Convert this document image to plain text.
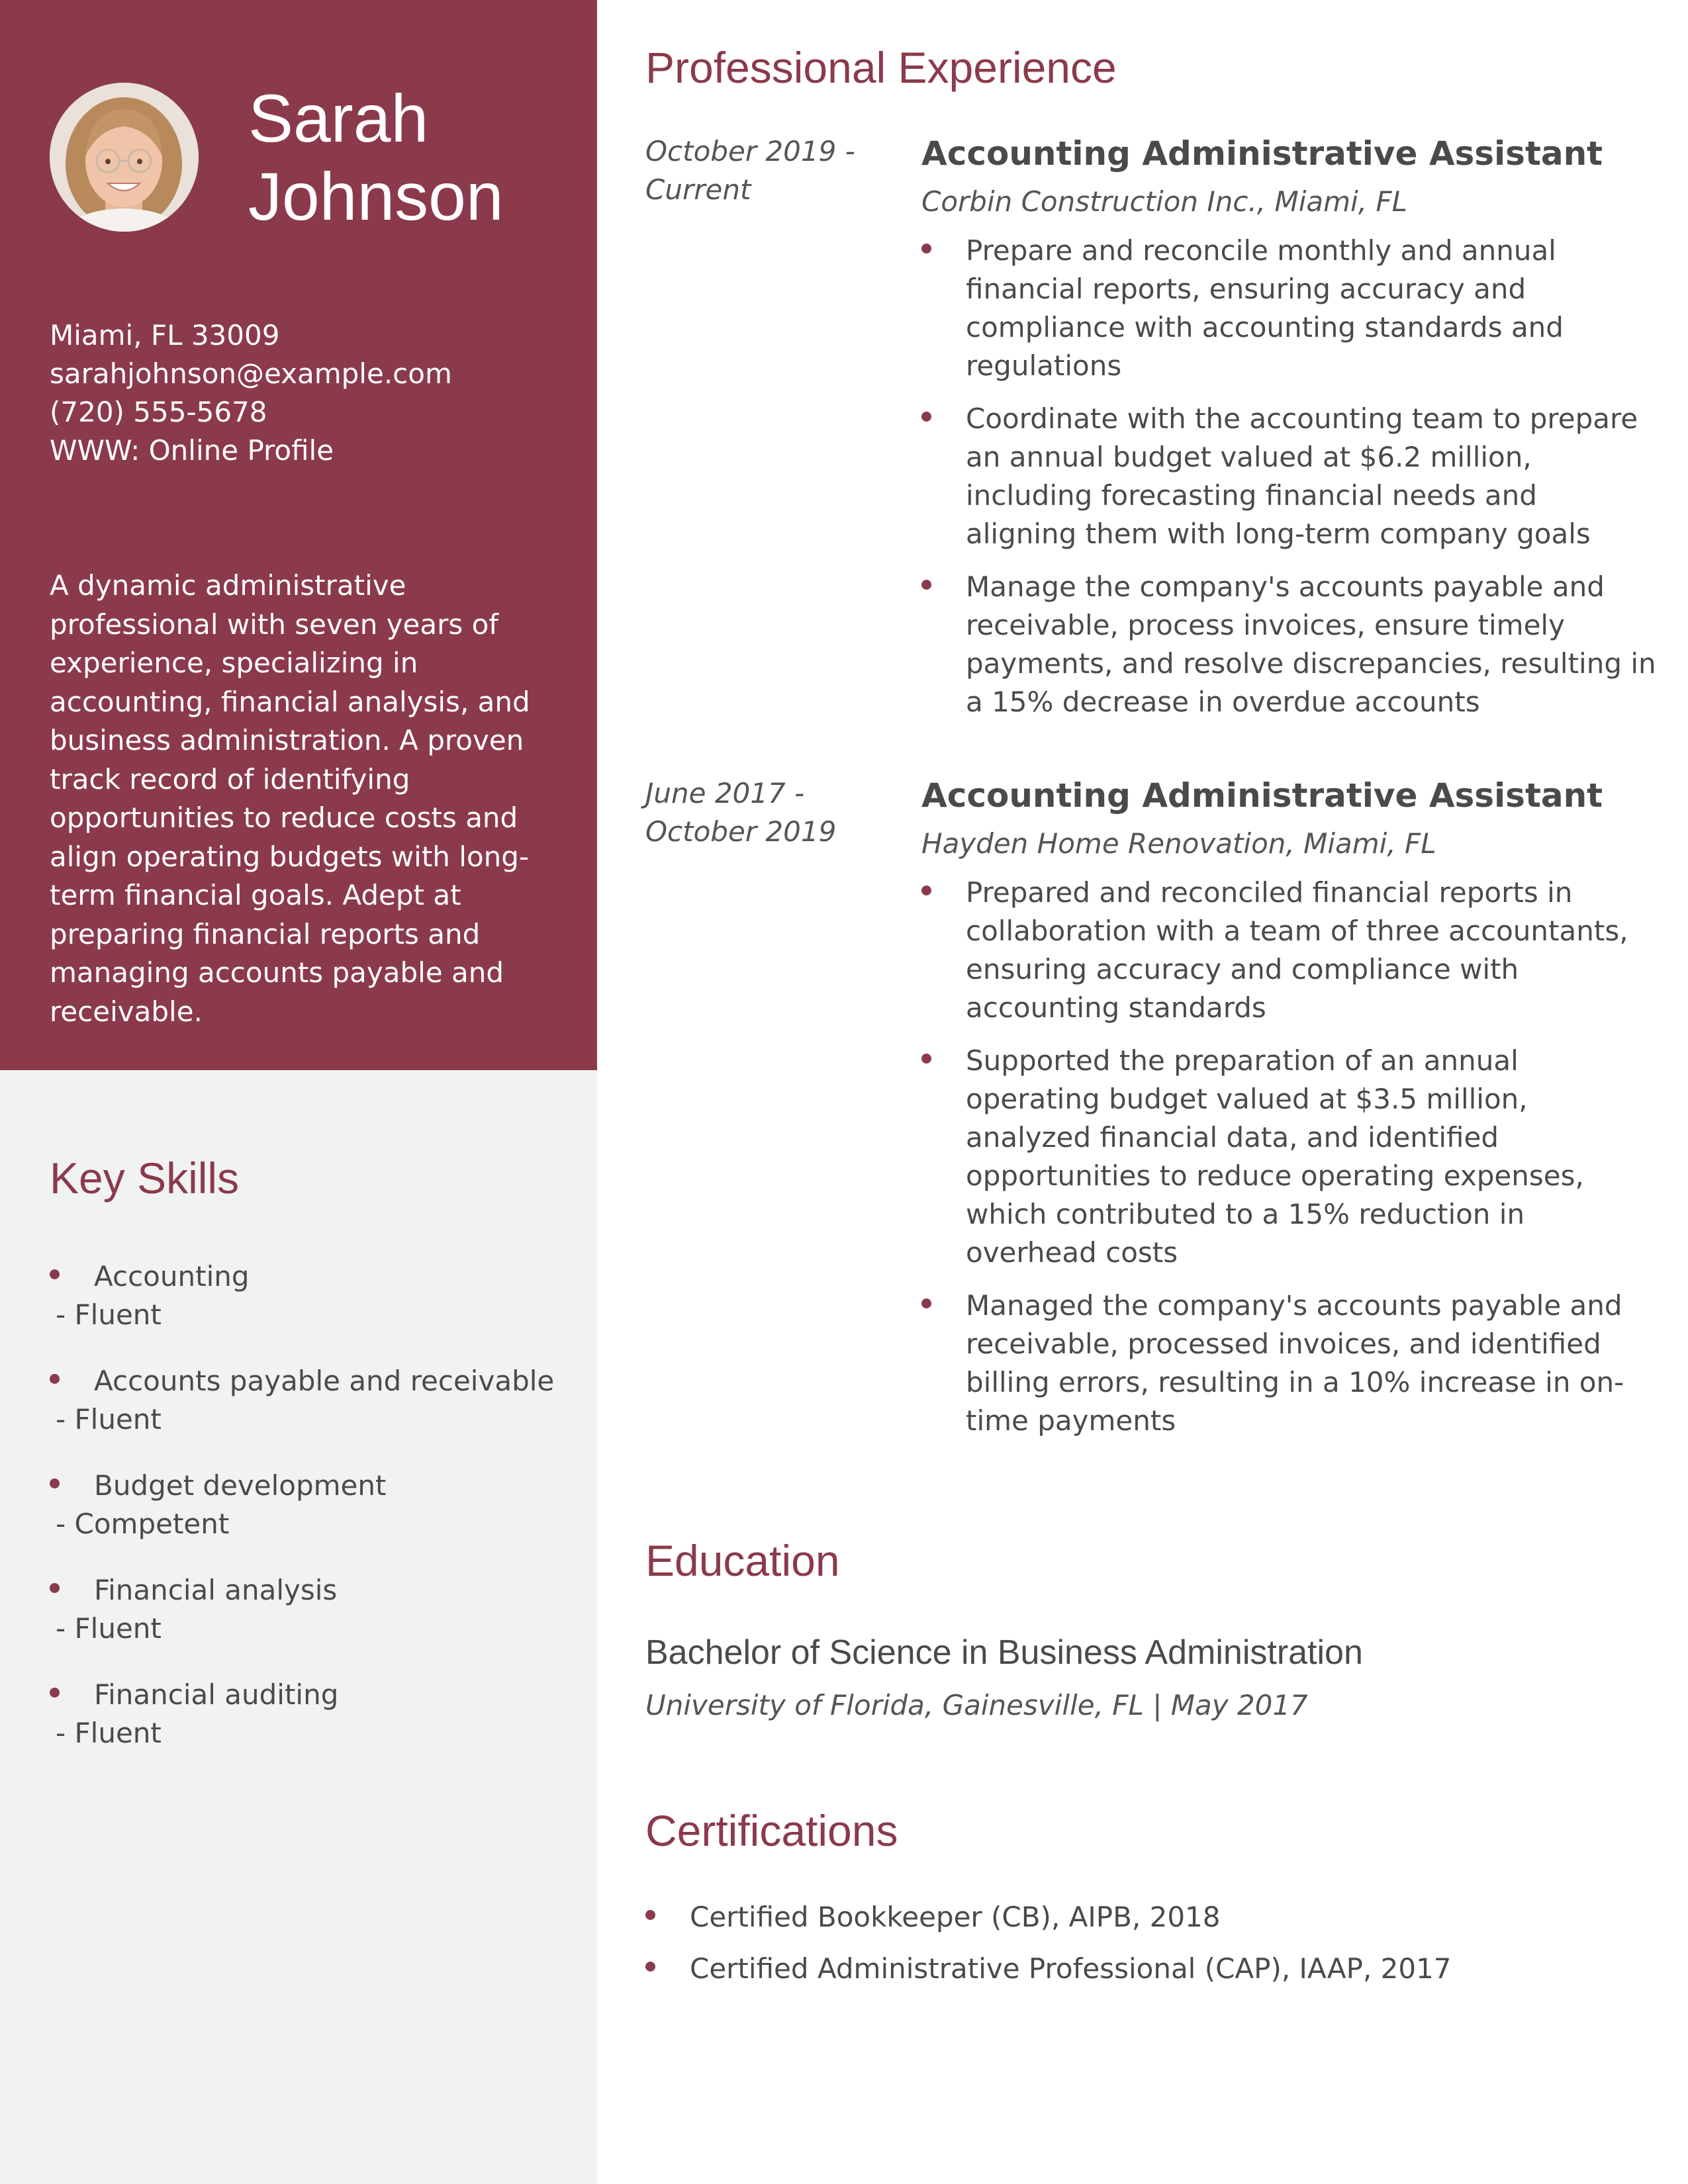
Sarah
Johnson
Miami, FL 33009
sarahjohnson@example.com
(720) 555-5678
WWW: Online Profile
A dynamic administrative professional with seven years of experience, specializing in accounting, financial analysis, and business administration. A proven track record of identifying opportunities to reduce costs and align operating budgets with long-term financial goals. Adept at preparing financial reports and managing accounts payable and receivable.
Key Skills
Accounting
- Fluent
Accounts payable and receivable
- Fluent
Budget development
- Competent
Financial analysis
- Fluent
Financial auditing
- Fluent
Professional Experience
October 2019 - Current
Accounting Administrative Assistant
Corbin Construction Inc., Miami, FL
Prepare and reconcile monthly and annual financial reports, ensuring accuracy and compliance with accounting standards and regulations
Coordinate with the accounting team to prepare an annual budget valued at $6.2 million, including forecasting financial needs and aligning them with long-term company goals
Manage the company's accounts payable and receivable, process invoices, ensure timely payments, and resolve discrepancies, resulting in a 15% decrease in overdue accounts
June 2017 - October 2019
Accounting Administrative Assistant
Hayden Home Renovation, Miami, FL
Prepared and reconciled financial reports in collaboration with a team of three accountants, ensuring accuracy and compliance with accounting standards
Supported the preparation of an annual operating budget valued at $3.5 million, analyzed financial data, and identified opportunities to reduce operating expenses, which contributed to a 15% reduction in overhead costs
Managed the company's accounts payable and receivable, processed invoices, and identified billing errors, resulting in a 10% increase in on-time payments
Education
Bachelor of Science in Business Administration
University of Florida, Gainesville, FL | May 2017
Certifications
Certified Bookkeeper (CB), AIPB, 2018
Certified Administrative Professional (CAP), IAAP, 2017
